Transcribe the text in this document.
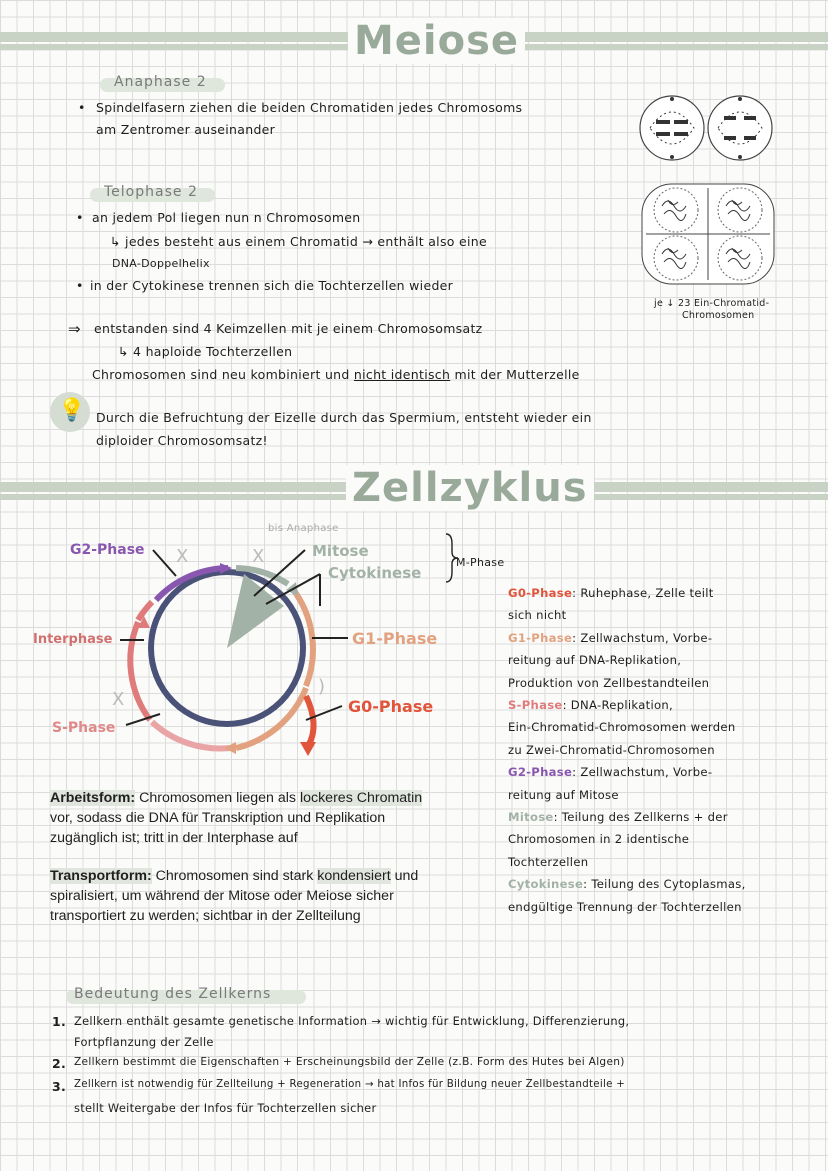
Meiose
Anaphase 2
• Spindelfasern ziehen die beiden Chromatiden jedes Chromosoms
am Zentromer auseinander
Telophase 2
• an jedem Pol liegen nun n Chromosomen
↳ jedes besteht aus einem Chromatid → enthält also eine
DNA-Doppelhelix
• in der Cytokinese trennen sich die Tochterzellen wieder
je ↓ 23 Ein-Chromatid-
Chromosomen
⇒ entstanden sind 4 Keimzellen mit je einem Chromosomsatz
↳ 4 haploide Tochterzellen
Chromosomen sind neu kombiniert und nicht identisch mit der Mutterzelle
💡 Durch die Befruchtung der Eizelle durch das Spermium, entsteht wieder ein
diploider Chromosomsatz!
Zellzyklus
X	X
X
)
G2-Phase
Interphase
S-Phase
Mitose
Cytokinese
M-Phase
bis Anaphase
G1-Phase
G0-Phase
G0-Phase: Ruhephase, Zelle teilt
sich nicht
G1-Phase: Zellwachstum, Vorbe-
reitung auf DNA-Replikation,
Produktion von Zellbestandteilen
S-Phase: DNA-Replikation,
Ein-Chromatid-Chromosomen werden
zu Zwei-Chromatid-Chromosomen
G2-Phase: Zellwachstum, Vorbe-
reitung auf Mitose
Mitose: Teilung des Zellkerns + der
Chromosomen in 2 identische
Tochterzellen
Cytokinese: Teilung des Cytoplasmas,
endgültige Trennung der Tochterzellen
Arbeitsform: Chromosomen liegen als lockeres Chromatin
vor, sodass die DNA für Transkription und Replikation
zugänglich ist; tritt in der Interphase auf
Transportform: Chromosomen sind stark kondensiert und
spiralisiert, um während der Mitose oder Meiose sicher
transportiert zu werden; sichtbar in der Zellteilung
Bedeutung des Zellkerns
1. Zellkern enthält gesamte genetische Information → wichtig für Entwicklung, Differenzierung,
Fortpflanzung der Zelle
2. Zellkern bestimmt die Eigenschaften + Erscheinungsbild der Zelle (z.B. Form des Hutes bei Algen)
3. Zellkern ist notwendig für Zellteilung + Regeneration → hat Infos für Bildung neuer Zellbestandteile +
stellt Weitergabe der Infos für Tochterzellen sicher
